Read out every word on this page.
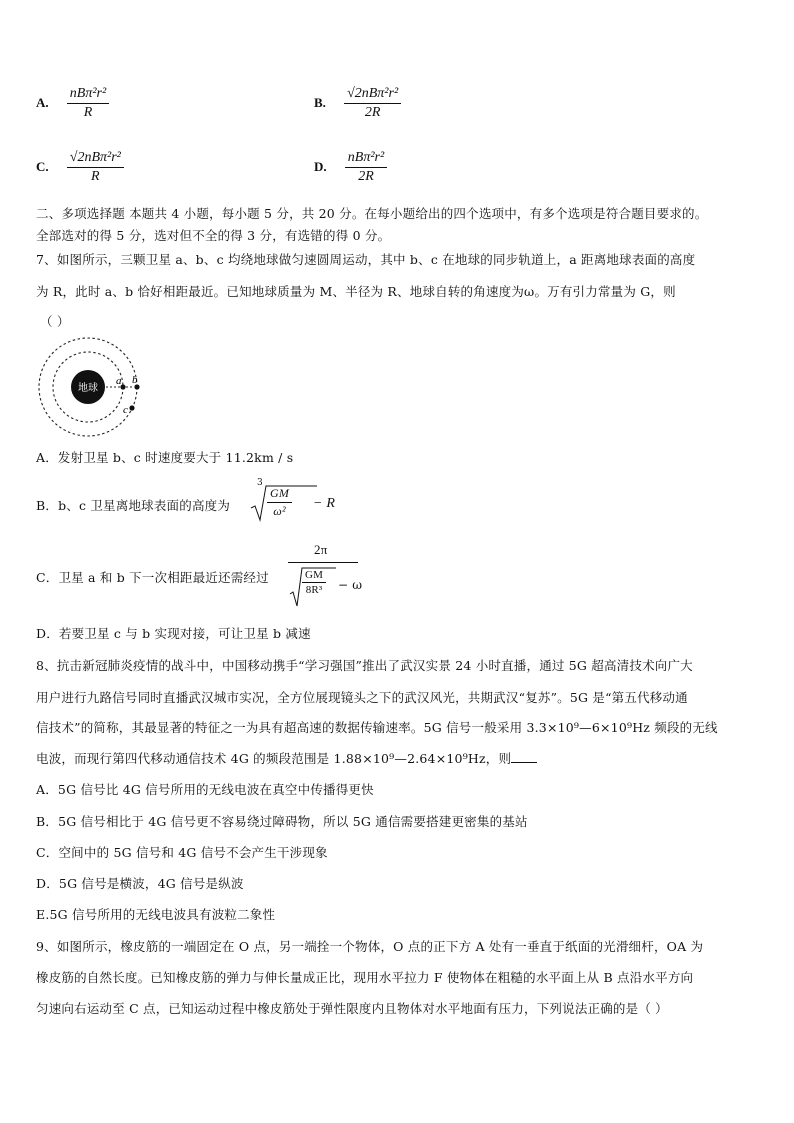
A. $\frac{\text{nBπ²r²}}{R}$	B. $\frac{\text{√2nBπ²r²}}{2R}$
C. $\frac{\text{√2nBπ²r²}}{R}$	D. $\frac{\text{nBπ²r²}}{2R}$
二、多项选择题 本题共 4 小题，每小题 5 分，共 20 分。在每小题给出的四个选项中，有多个选项是符合题目要求的。
全部选对的得 5 分，选对但不全的得 3 分，有选错的得 0 分。
7、如图所示，三颗卫星 a、b、c 均绕地球做匀速圆周运动，其中 b、c 在地球的同步轨道上，a 距离地球表面的高度
为 R，此时 a、b 恰好相距最近。已知地球质量为 M、半径为 R、地球自转的角速度为ω。万有引力常量为 G，则
（ ）
地球
a b
c
A．发射卫星 b、c 时速度要大于 11.2km / s
B．b、c 卫星离地球表面的高度为
3
$\frac{GM}{\text{ω²}} - R$
C．卫星 a 和 b 下一次相距最近还需经过
2π
$\frac{GM}{\text{8R³}} - \omega$
D．若要卫星 c 与 b 实现对接，可让卫星 b 减速
8、抗击新冠肺炎疫情的战斗中，中国移动携手“学习强国”推出了武汉实景 24 小时直播，通过 5G 超高清技术向广大
用户进行九路信号同时直播武汉城市实况，全方位展现镜头之下的武汉风光，共期武汉“复苏”。5G 是“第五代移动通
信技术”的简称，其最显著的特征之一为具有超高速的数据传输速率。5G 信号一般采用 3.3×10⁹—6×10⁹Hz 频段的无线
电波，而现行第四代移动通信技术 4G 的频段范围是 1.88×10⁹—2.64×10⁹Hz，则
A．5G 信号比 4G 信号所用的无线电波在真空中传播得更快
B．5G 信号相比于 4G 信号更不容易绕过障碍物，所以 5G 通信需要搭建更密集的基站
C．空间中的 5G 信号和 4G 信号不会产生干涉现象
D．5G 信号是横波，4G 信号是纵波
E.5G 信号所用的无线电波具有波粒二象性
9、如图所示，橡皮筋的一端固定在 O 点，另一端拴一个物体，O 点的正下方 A 处有一垂直于纸面的光滑细杆，OA 为
橡皮筋的自然长度。已知橡皮筋的弹力与伸长量成正比，现用水平拉力 F 使物体在粗糙的水平面上从 B 点沿水平方向
匀速向右运动至 C 点，已知运动过程中橡皮筋处于弹性限度内且物体对水平地面有压力，下列说法正确的是（ ）
